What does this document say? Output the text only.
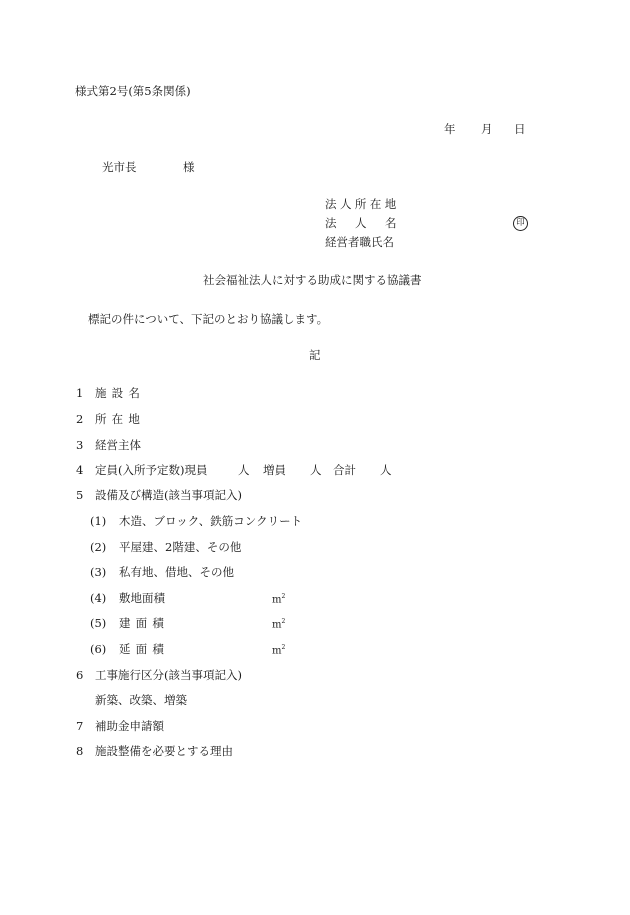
様式第2号(第5条関係)
年 月 日
光市長	様
法人所在地
法 人 名	印
経営者職氏名
社会福祉法人に対する助成に関する協議書
標記の件について、下記のとおり協議します。
記
1 施設名
2 所在地
3 経営主体
4 定員(入所予定数)現員	人 増員 人 合計 人
5 設備及び構造(該当事項記入)
(1) 木造、ブロック、鉄筋コンクリート
(2) 平屋建、2階建、その他
(3) 私有地、借地、その他
(4) 敷地面積	$m^2$
(5) 建面積	$m^2$
(6) 延面積	$m^2$
6 工事施行区分(該当事項記入)
新築、改築、増築
7 補助金申請額
8 施設整備を必要とする理由
